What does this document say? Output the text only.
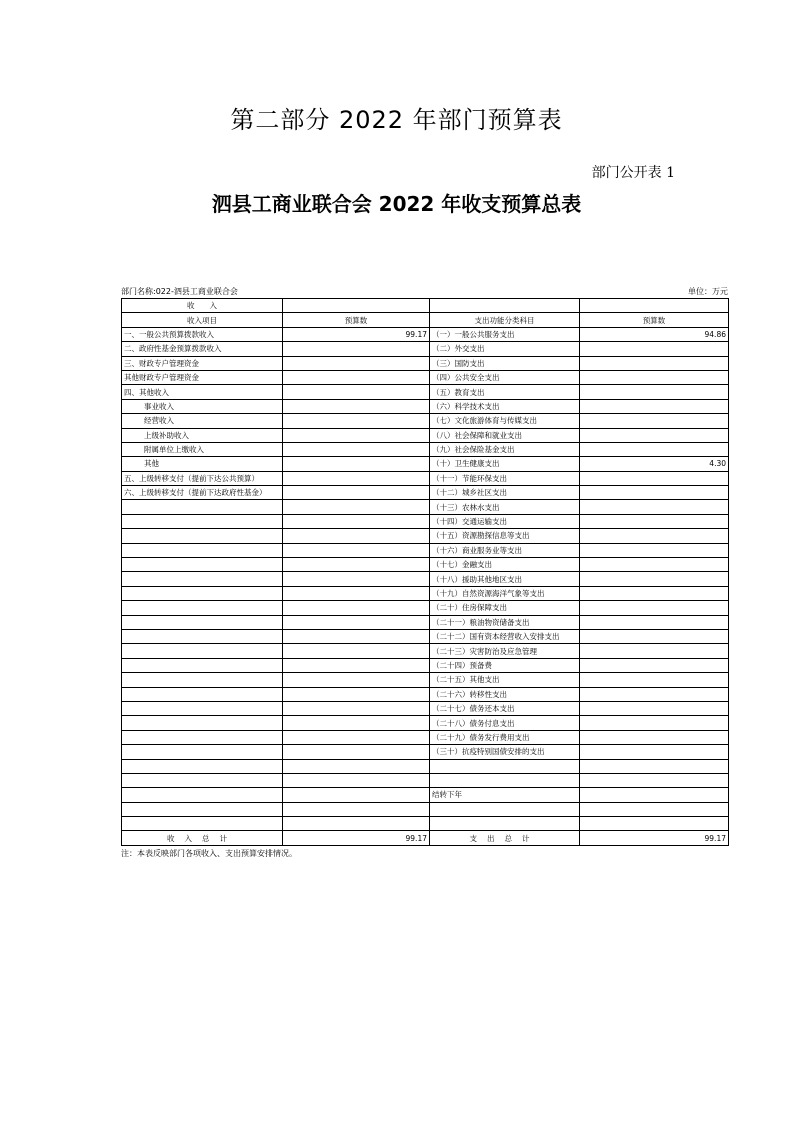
第二部分 2022 年部门预算表
部门公开表 1
泗县工商业联合会 2022 年收支预算总表
部门名称:022-泗县工商业联合会	单位：万元
收　　入			
收入项目	预算数	支出功能分类科目	预算数
一、一般公共预算拨款收入	99.17	（一）一般公共服务支出	94.86
二、政府性基金预算拨款收入		（二）外交支出	
三、财政专户管理资金		（三）国防支出	
其他财政专户管理资金		（四）公共安全支出	
四、其他收入		（五）教育支出	
事业收入		（六）科学技术支出	
经营收入		（七）文化旅游体育与传媒支出	
上级补助收入		（八）社会保障和就业支出	
附属单位上缴收入		（九）社会保险基金支出	
其他		（十）卫生健康支出	4.30
五、上级转移支付（提前下达公共预算）		（十一）节能环保支出	
六、上级转移支付（提前下达政府性基金）		（十二）城乡社区支出	
		（十三）农林水支出	
		（十四）交通运输支出	
		（十五）资源勘探信息等支出	
		（十六）商业服务业等支出	
		（十七）金融支出	
		（十八）援助其他地区支出	
		（十九）自然资源海洋气象等支出	
		（二十）住房保障支出	
		（二十一）粮油物资储备支出	
		（二十二）国有资本经营收入安排支出	
		（二十三）灾害防治及应急管理	
		（二十四）预备费	
		（二十五）其他支出	
		（二十六）转移性支出	
		（二十七）债务还本支出	
		（二十八）债务付息支出	
		（二十九）债务发行费用支出	
		（三十）抗疫特别国债安排的支出	

		结转下年	

收入总计	99.17	支出总计	99.17
注：本表反映部门各项收入、支出预算安排情况。
